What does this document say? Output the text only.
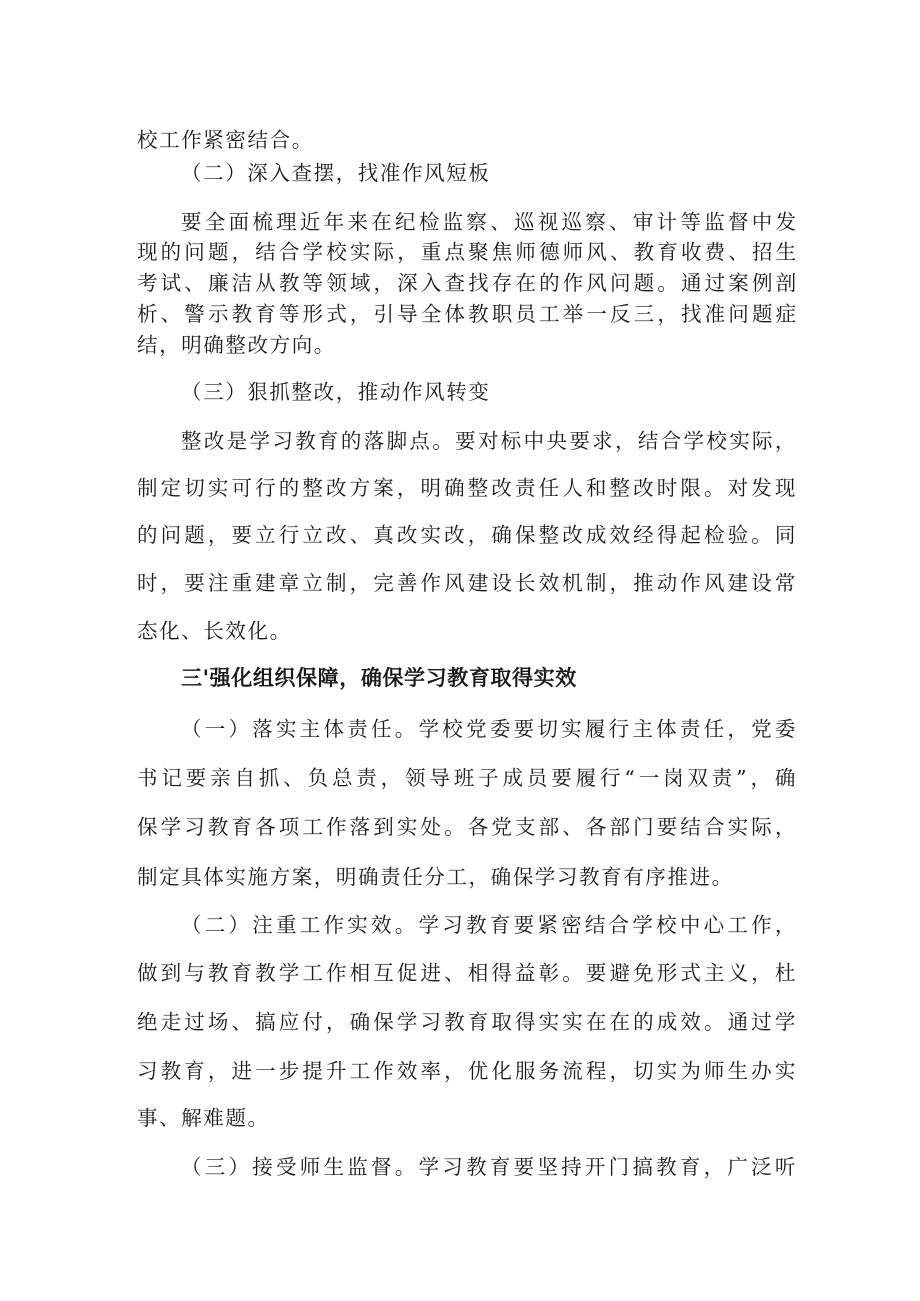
校工作紧密结合。

（二）深入查摆，找准作风短板

要全面梳理近年来在纪检监察、巡视巡察、审计等监督中发

现的问题，结合学校实际，重点聚焦师德师风、教育收费、招生

考试、廉洁从教等领域，深入查找存在的作风问题。通过案例剖

析、警示教育等形式，引导全体教职员工举一反三，找准问题症

结，明确整改方向。

（三）狠抓整改，推动作风转变

整改是学习教育的落脚点。要对标中央要求，结合学校实际，

制定切实可行的整改方案，明确整改责任人和整改时限。对发现

的问题，要立行立改、真改实改，确保整改成效经得起检验。同

时，要注重建章立制，完善作风建设长效机制，推动作风建设常

态化、长效化。

三'强化组织保障，确保学习教育取得实效

（一）落实主体责任。学校党委要切实履行主体责任，党委

书记要亲自抓、负总责，领导班子成员要履行“一岗双责”，确

保学习教育各项工作落到实处。各党支部、各部门要结合实际，

制定具体实施方案，明确责任分工，确保学习教育有序推进。

（二）注重工作实效。学习教育要紧密结合学校中心工作，

做到与教育教学工作相互促进、相得益彰。要避免形式主义，杜

绝走过场、搞应付，确保学习教育取得实实在在的成效。通过学

习教育，进一步提升工作效率，优化服务流程，切实为师生办实

事、解难题。

（三）接受师生监督。学习教育要坚持开门搞教育，广泛听
